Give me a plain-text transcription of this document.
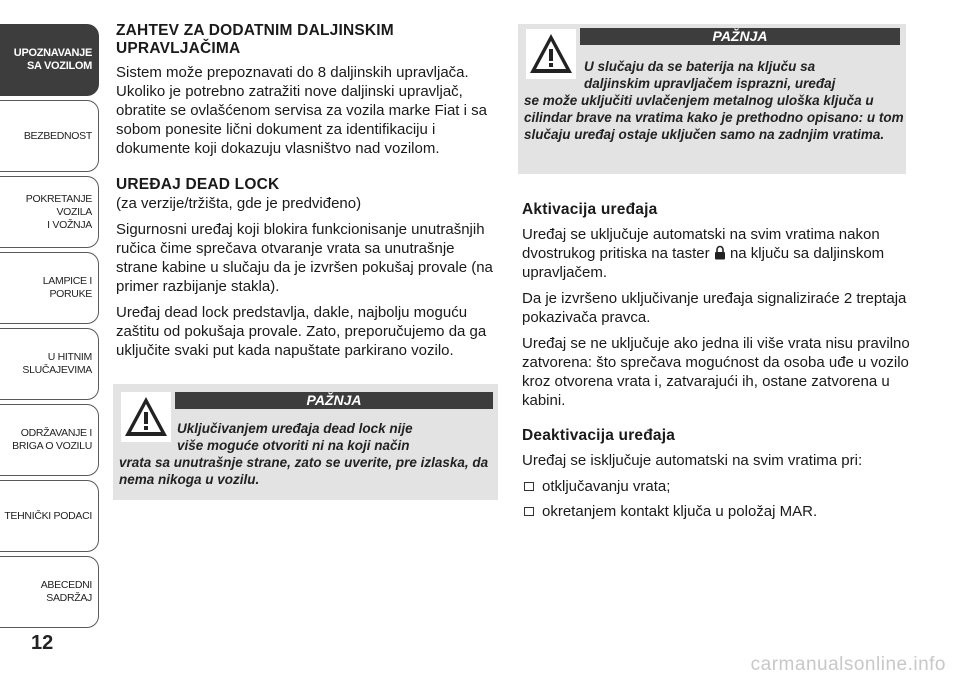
UPOZNAVANJE
SA VOZILOM
BEZBEDNOST
POKRETANJE VOZILA
I VOŽNJA
LAMPICE I PORUKE
U HITNIM
SLUČAJEVIMA
ODRŽAVANJE I
BRIGA O VOZILU
TEHNIČKI PODACI
ABECEDNI SADRŽAJ
12
ZAHTEV ZA DODATNIM DALJINSKIM UPRAVLJAČIMA

Sistem može prepoznavati do 8 daljinskih upravljača. Ukoliko je potrebno zatražiti nove daljinski upravljač, obratite se ovlašćenom servisa za vozila marke Fiat i sa sobom ponesite lični dokument za identifikaciju i dokumente koji dokazuju vlasništvo nad vozilom.

UREĐAJ DEAD LOCK

(za verzije/tržišta, gde je predviđeno)

Sigurnosni uređaj koji blokira funkcionisanje unutrašnjih ručica čime sprečava otvaranje vrata sa unutrašnje strane kabine u slučaju da je izvršen pokušaj provale (na primer razbijanje stakla).

Uređaj dead lock predstavlja, dakle, najbolju moguću zaštitu od pokušaja provale. Zato, preporučujemo da ga uključite svaki put kada napuštate parkirano vozilo.

PAŽNJA
Uključivanjem uređaja dead lock nije
više moguće otvoriti ni na koji način
vrata sa unutrašnje strane, zato se uverite, pre izlaska, da nema nikoga u vozilu.
PAŽNJA
U slučaju da se baterija na ključu sa
daljinskim upravljačem isprazni, uređaj
se može uključiti uvlačenjem metalnog uloška ključa u cilindar brave na vratima kako je prethodno opisano: u tom slučaju uređaj ostaje uključen samo na zadnjim vratima.
Aktivacija uređaja

Uređaj se uključuje automatski na svim vratima nakon dvostrukog pritiska na taster na ključu sa daljinskom upravljačem.

Da je izvršeno uključivanje uređaja signaliziraće 2 treptaja pokazivača pravca.

Uređaj se ne uključuje ako jedna ili više vrata nisu pravilno zatvorena: što sprečava mogućnost da osoba uđe u vozilo kroz otvorena vrata i, zatvarajući ih, ostane zatvorena u kabini.

Deaktivacija uređaja

Uređaj se isključuje automatski na svim vratima pri:

otključavanju vrata;
okretanjem kontakt ključa u položaj MAR.
carmanualsonline.info
